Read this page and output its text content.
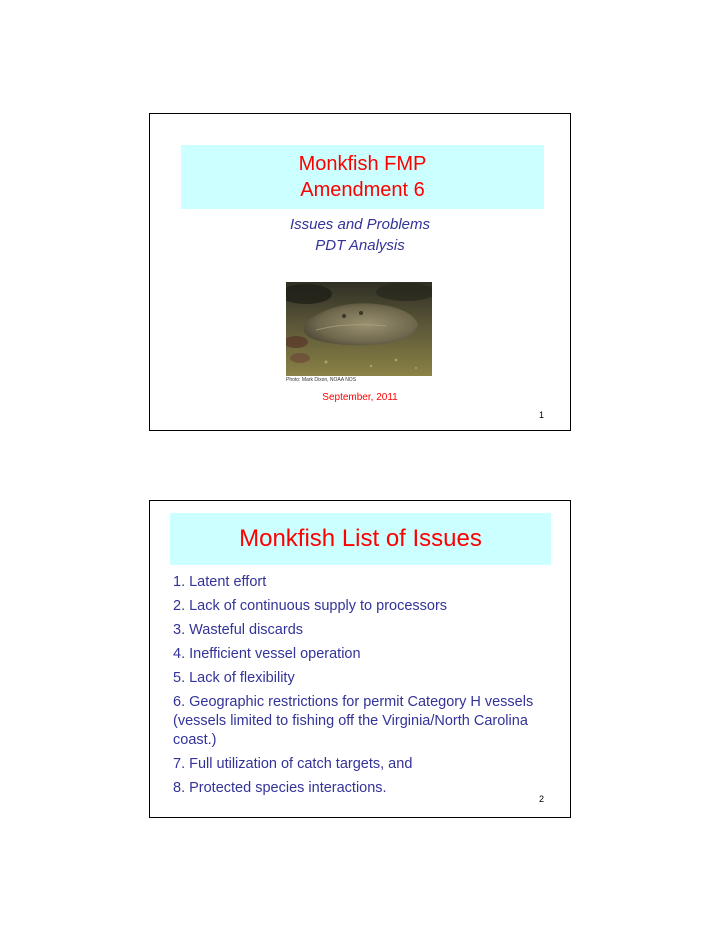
Monkfish FMP
Amendment 6
Issues and Problems
PDT Analysis
Photo: Mark Dixon, NOAA NOS
September, 2011
1
Monkfish List of Issues
1. Latent effort
2. Lack of continuous supply to processors
3. Wasteful discards
4. Inefficient vessel operation
5. Lack of flexibility
6. Geographic restrictions for permit Category H vessels (vessels limited to fishing off the Virginia/North Carolina coast.)
7. Full utilization of catch targets, and
8. Protected species interactions.
2
